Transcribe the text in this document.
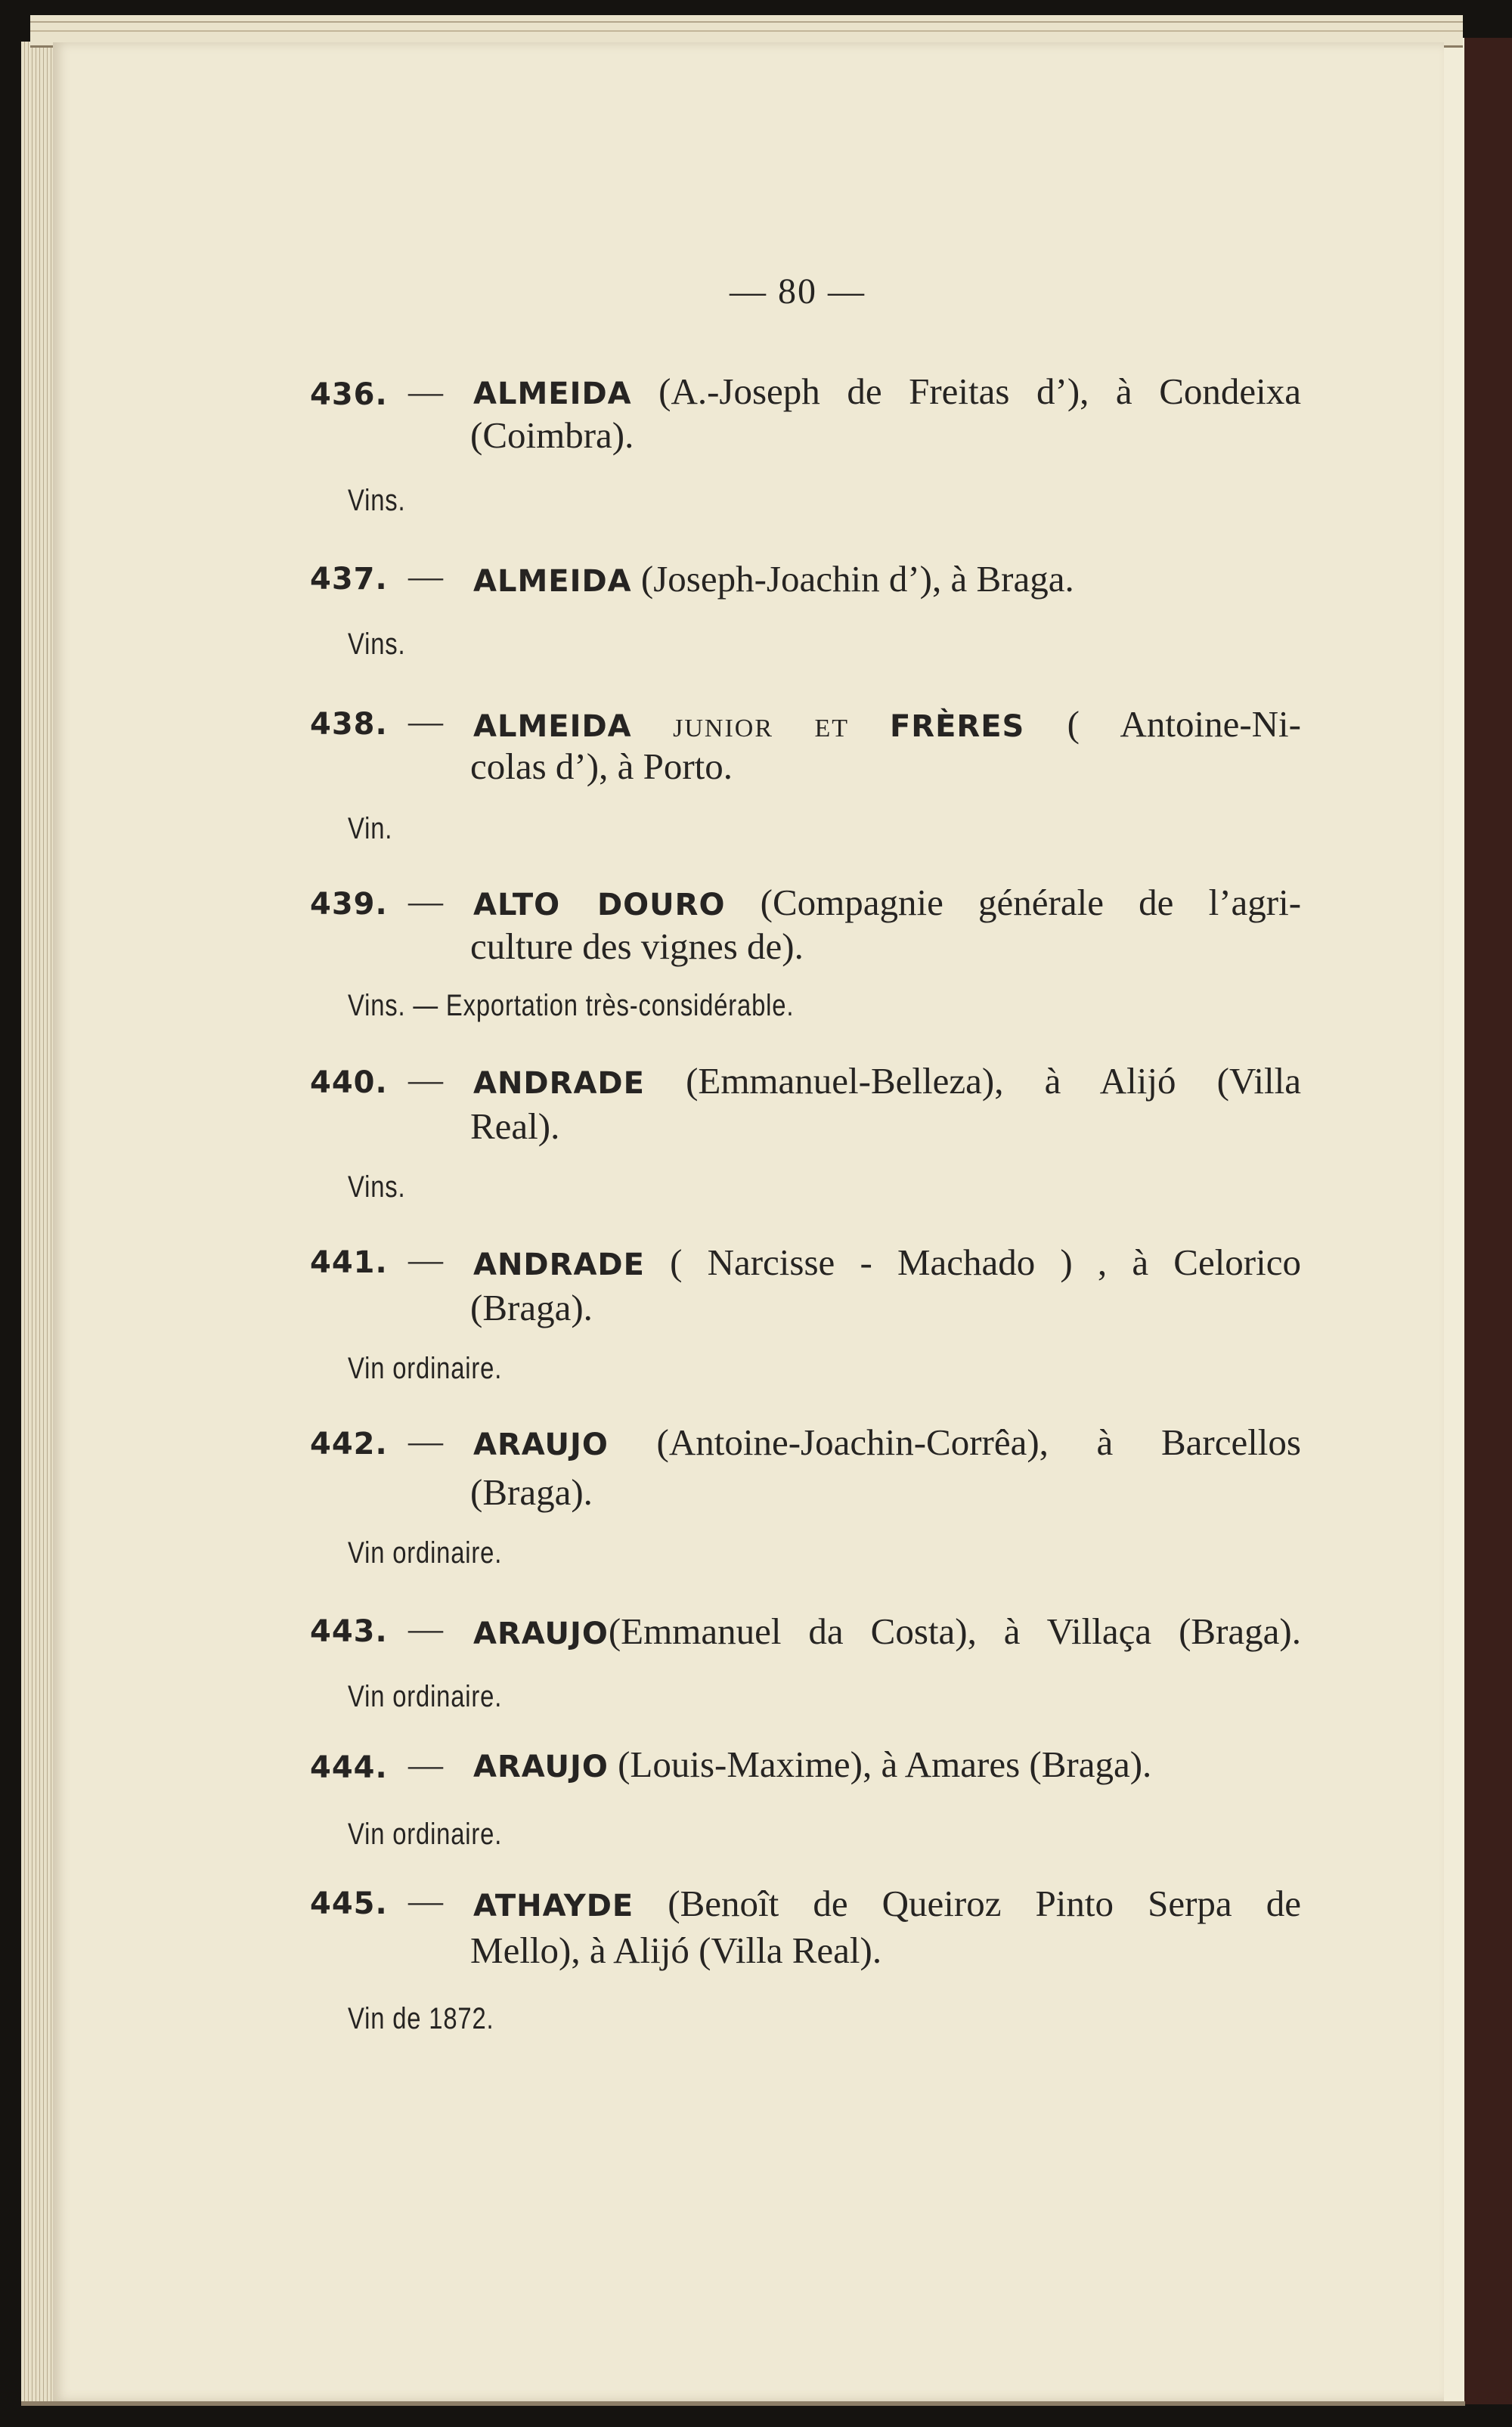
— 80 —
436. — ALMEIDA (A.-Joseph de Freitas d’), à Condeixa
(Coimbra).
Vins.
437. — ALMEIDA (Joseph-Joachin d’), à Braga.
Vins.
438. — ALMEIDA JUNIOR ET FRÈRES ( Antoine-Ni-
colas d’), à Porto.
Vin.
439. — ALTO DOURO (Compagnie générale de l’agri-
culture des vignes de).
Vins. — Exportation très-considérable.
440. — ANDRADE (Emmanuel-Belleza), à Alijó (Villa
Real).
Vins.
441. — ANDRADE ( Narcisse - Machado ) , à Celorico
(Braga).
Vin ordinaire.
442. — ARAUJO (Antoine-Joachin-Corrêa), à Barcellos
(Braga).
Vin ordinaire.
443. — ARAUJO(Emmanuel da Costa), à Villaça (Braga).
Vin ordinaire.
444. — ARAUJO (Louis-Maxime), à Amares (Braga).
Vin ordinaire.
445. — ATHAYDE (Benoît de Queiroz Pinto Serpa de
Mello), à Alijó (Villa Real).
Vin de 1872.
